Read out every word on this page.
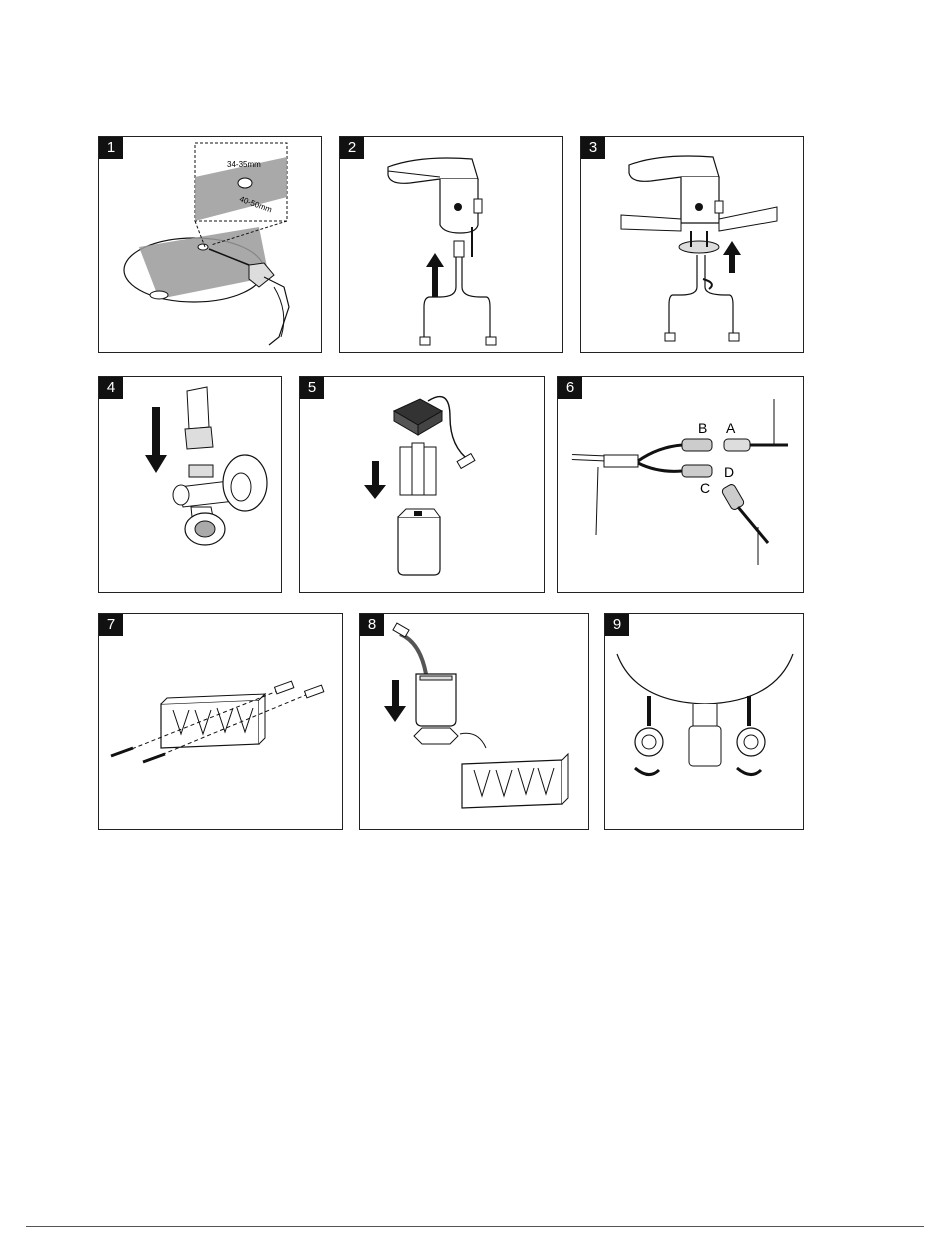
1
34-35mm
40-50mm
2	3
4	5	6
B A
C
D
7	8	9
